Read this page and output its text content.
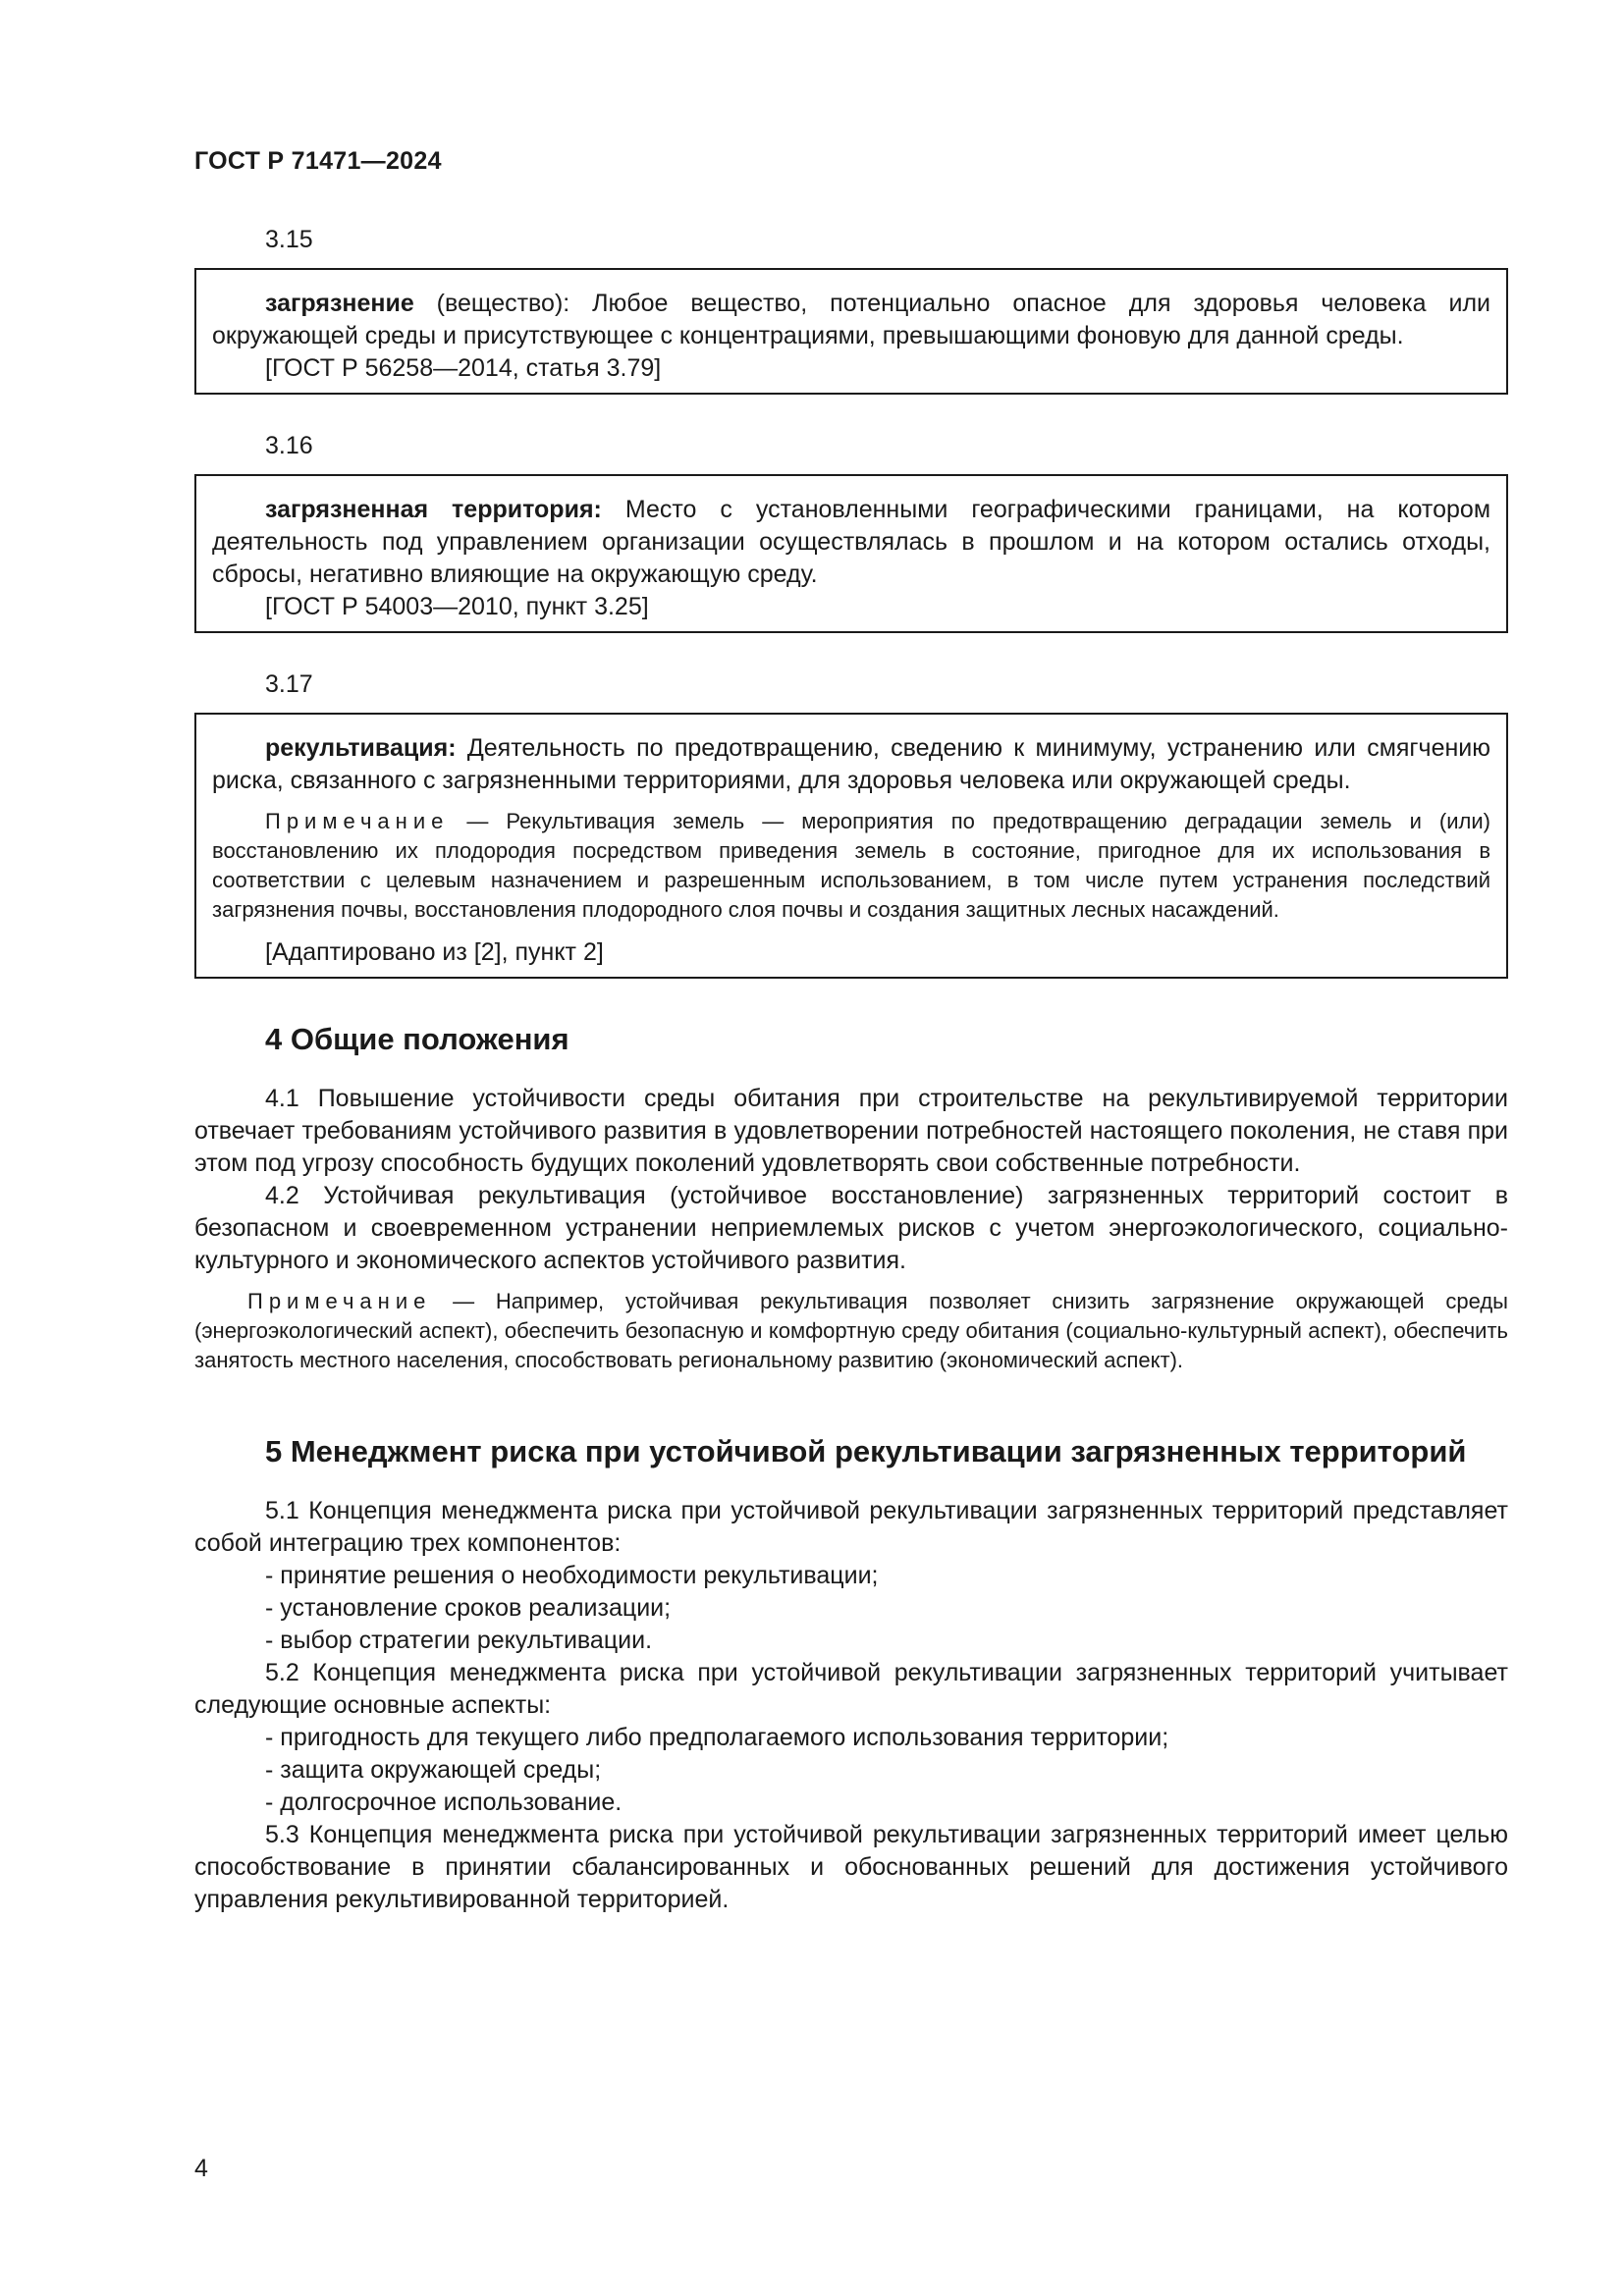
ГОСТ Р 71471—2024
3.15

загрязнение (вещество): Любое вещество, потенциально опасное для здоровья человека или окружающей среды и присутствующее с концентрациями, превышающими фоновую для данной среды.

[ГОСТ Р 56258—2014, статья 3.79]

3.16

загрязненная территория: Место с установленными географическими границами, на котором деятельность под управлением организации осуществлялась в прошлом и на котором остались отходы, сбросы, негативно влияющие на окружающую среду.

[ГОСТ Р 54003—2010, пункт 3.25]

3.17

рекультивация: Деятельность по предотвращению, сведению к минимуму, устранению или смягчению риска, связанного с загрязненными территориями, для здоровья человека или окружающей среды.

Примечание — Рекультивация земель — мероприятия по предотвращению деградации земель и (или) восстановлению их плодородия посредством приведения земель в состояние, пригодное для их использования в соответствии с целевым назначением и разрешенным использованием, в том числе путем устранения последствий загрязнения почвы, восстановления плодородного слоя почвы и создания защитных лесных насаждений.

[Адаптировано из [2], пункт 2]

4 Общие положения

4.1 Повышение устойчивости среды обитания при строительстве на рекультивируемой территории отвечает требованиям устойчивого развития в удовлетворении потребностей настоящего поколения, не ставя при этом под угрозу способность будущих поколений удовлетворять свои собственные потребности.

4.2 Устойчивая рекультивация (устойчивое восстановление) загрязненных территорий состоит в безопасном и своевременном устранении неприемлемых рисков с учетом энергоэкологического, социально-культурного и экономического аспектов устойчивого развития.

Примечание — Например, устойчивая рекультивация позволяет снизить загрязнение окружающей среды (энергоэкологический аспект), обеспечить безопасную и комфортную среду обитания (социально-культурный аспект), обеспечить занятость местного населения, способствовать региональному развитию (экономический аспект).
5 Менеджмент риска при устойчивой рекультивации загрязненных территорий

5.1 Концепция менеджмента риска при устойчивой рекультивации загрязненных территорий представляет собой интеграцию трех компонентов:

- принятие решения о необходимости рекультивации;
- установление сроков реализации;
- выбор стратегии рекультивации.

5.2 Концепция менеджмента риска при устойчивой рекультивации загрязненных территорий учитывает следующие основные аспекты:

- пригодность для текущего либо предполагаемого использования территории;
- защита окружающей среды;
- долгосрочное использование.

5.3 Концепция менеджмента риска при устойчивой рекультивации загрязненных территорий имеет целью способствование в принятии сбалансированных и обоснованных решений для достижения устойчивого управления рекультивированной территорией.

4
